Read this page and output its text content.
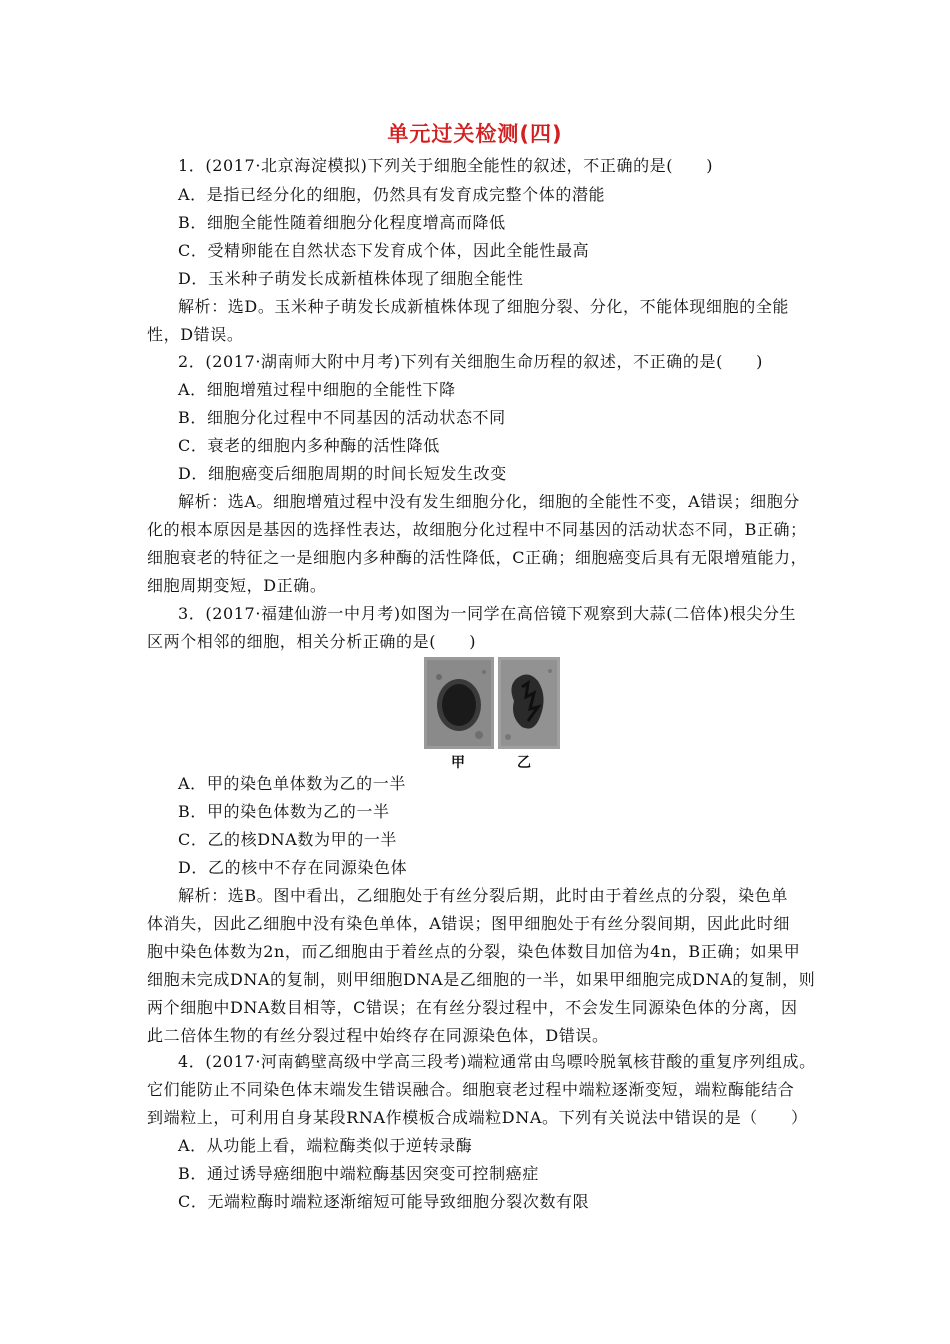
单元过关检测(四)
1．(2017·北京海淀模拟)下列关于细胞全能性的叙述，不正确的是(　　)
A．是指已经分化的细胞，仍然具有发育成完整个体的潜能
B．细胞全能性随着细胞分化程度增高而降低
C．受精卵能在自然状态下发育成个体，因此全能性最高
D．玉米种子萌发长成新植株体现了细胞全能性
解析：选D。玉米种子萌发长成新植株体现了细胞分裂、分化，不能体现细胞的全能
性，D错误。
2．(2017·湖南师大附中月考)下列有关细胞生命历程的叙述，不正确的是(　　)
A．细胞增殖过程中细胞的全能性下降
B．细胞分化过程中不同基因的活动状态不同
C．衰老的细胞内多种酶的活性降低
D．细胞癌变后细胞周期的时间长短发生改变
解析：选A。细胞增殖过程中没有发生细胞分化，细胞的全能性不变，A错误；细胞分
化的根本原因是基因的选择性表达，故细胞分化过程中不同基因的活动状态不同，B正确；
细胞衰老的特征之一是细胞内多种酶的活性降低，C正确；细胞癌变后具有无限增殖能力，
细胞周期变短，D正确。
3．(2017·福建仙游一中月考)如图为一同学在高倍镜下观察到大蒜(二倍体)根尖分生
区两个相邻的细胞，相关分析正确的是(　　)
甲	乙
A．甲的染色单体数为乙的一半
B．甲的染色体数为乙的一半
C．乙的核DNA数为甲的一半
D．乙的核中不存在同源染色体
解析：选B。图中看出，乙细胞处于有丝分裂后期，此时由于着丝点的分裂，染色单
体消失，因此乙细胞中没有染色单体，A错误；图甲细胞处于有丝分裂间期，因此此时细
胞中染色体数为2n，而乙细胞由于着丝点的分裂，染色体数目加倍为4n，B正确；如果甲
细胞未完成DNA的复制，则甲细胞DNA是乙细胞的一半，如果甲细胞完成DNA的复制，则
两个细胞中DNA数目相等，C错误；在有丝分裂过程中，不会发生同源染色体的分离，因
此二倍体生物的有丝分裂过程中始终存在同源染色体，D错误。
4．(2017·河南鹤壁高级中学高三段考)端粒通常由鸟嘌呤脱氧核苷酸的重复序列组成。
它们能防止不同染色体末端发生错误融合。细胞衰老过程中端粒逐渐变短，端粒酶能结合
到端粒上，可利用自身某段RNA作模板合成端粒DNA。下列有关说法中错误的是（　　）
A．从功能上看，端粒酶类似于逆转录酶
B．通过诱导癌细胞中端粒酶基因突变可控制癌症
C．无端粒酶时端粒逐渐缩短可能导致细胞分裂次数有限
